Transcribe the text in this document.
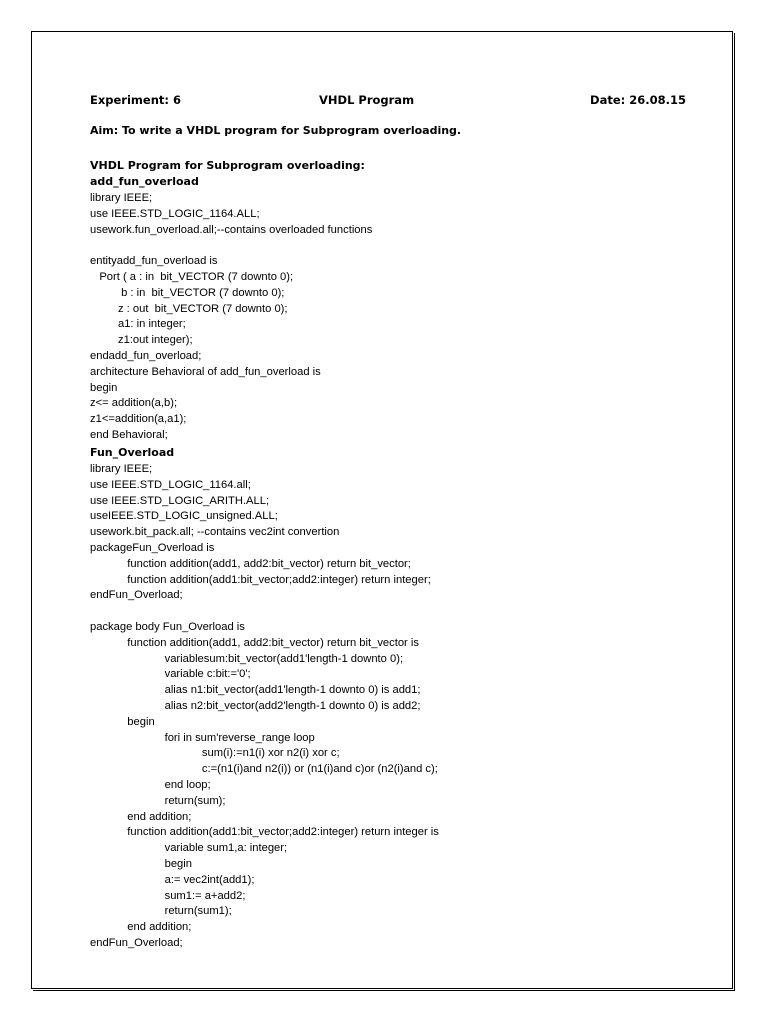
Experiment: 6	VHDL Program	Date: 26.08.15
Aim: To write a VHDL program for Subprogram overloading.
VHDL Program for Subprogram overloading:
add_fun_overload
library IEEE;
use IEEE.STD_LOGIC_1164.ALL;
usework.fun_overload.all;--contains overloaded functions
entityadd_fun_overload is
Port ( a : in  bit_VECTOR (7 downto 0);
b : in  bit_VECTOR (7 downto 0);
z : out  bit_VECTOR (7 downto 0);
a1: in integer;
z1:out integer);
endadd_fun_overload;
architecture Behavioral of add_fun_overload is
begin
z<= addition(a,b);
z1<=addition(a,a1);
end Behavioral;
Fun_Overload
library IEEE;
use IEEE.STD_LOGIC_1164.all;
use IEEE.STD_LOGIC_ARITH.ALL;
useIEEE.STD_LOGIC_unsigned.ALL;
usework.bit_pack.all; --contains vec2int convertion
packageFun_Overload is
function addition(add1, add2:bit_vector) return bit_vector;
function addition(add1:bit_vector;add2:integer) return integer;
endFun_Overload;
package body Fun_Overload is
function addition(add1, add2:bit_vector) return bit_vector is
variablesum:bit_vector(add1'length-1 downto 0);
variable c:bit:='0';
alias n1:bit_vector(add1'length-1 downto 0) is add1;
alias n2:bit_vector(add2'length-1 downto 0) is add2;
begin
fori in sum'reverse_range loop
sum(i):=n1(i) xor n2(i) xor c;
c:=(n1(i)and n2(i)) or (n1(i)and c)or (n2(i)and c);
end loop;
return(sum);
end addition;
function addition(add1:bit_vector;add2:integer) return integer is
variable sum1,a: integer;
begin
a:= vec2int(add1);
sum1:= a+add2;
return(sum1);
end addition;
endFun_Overload;
